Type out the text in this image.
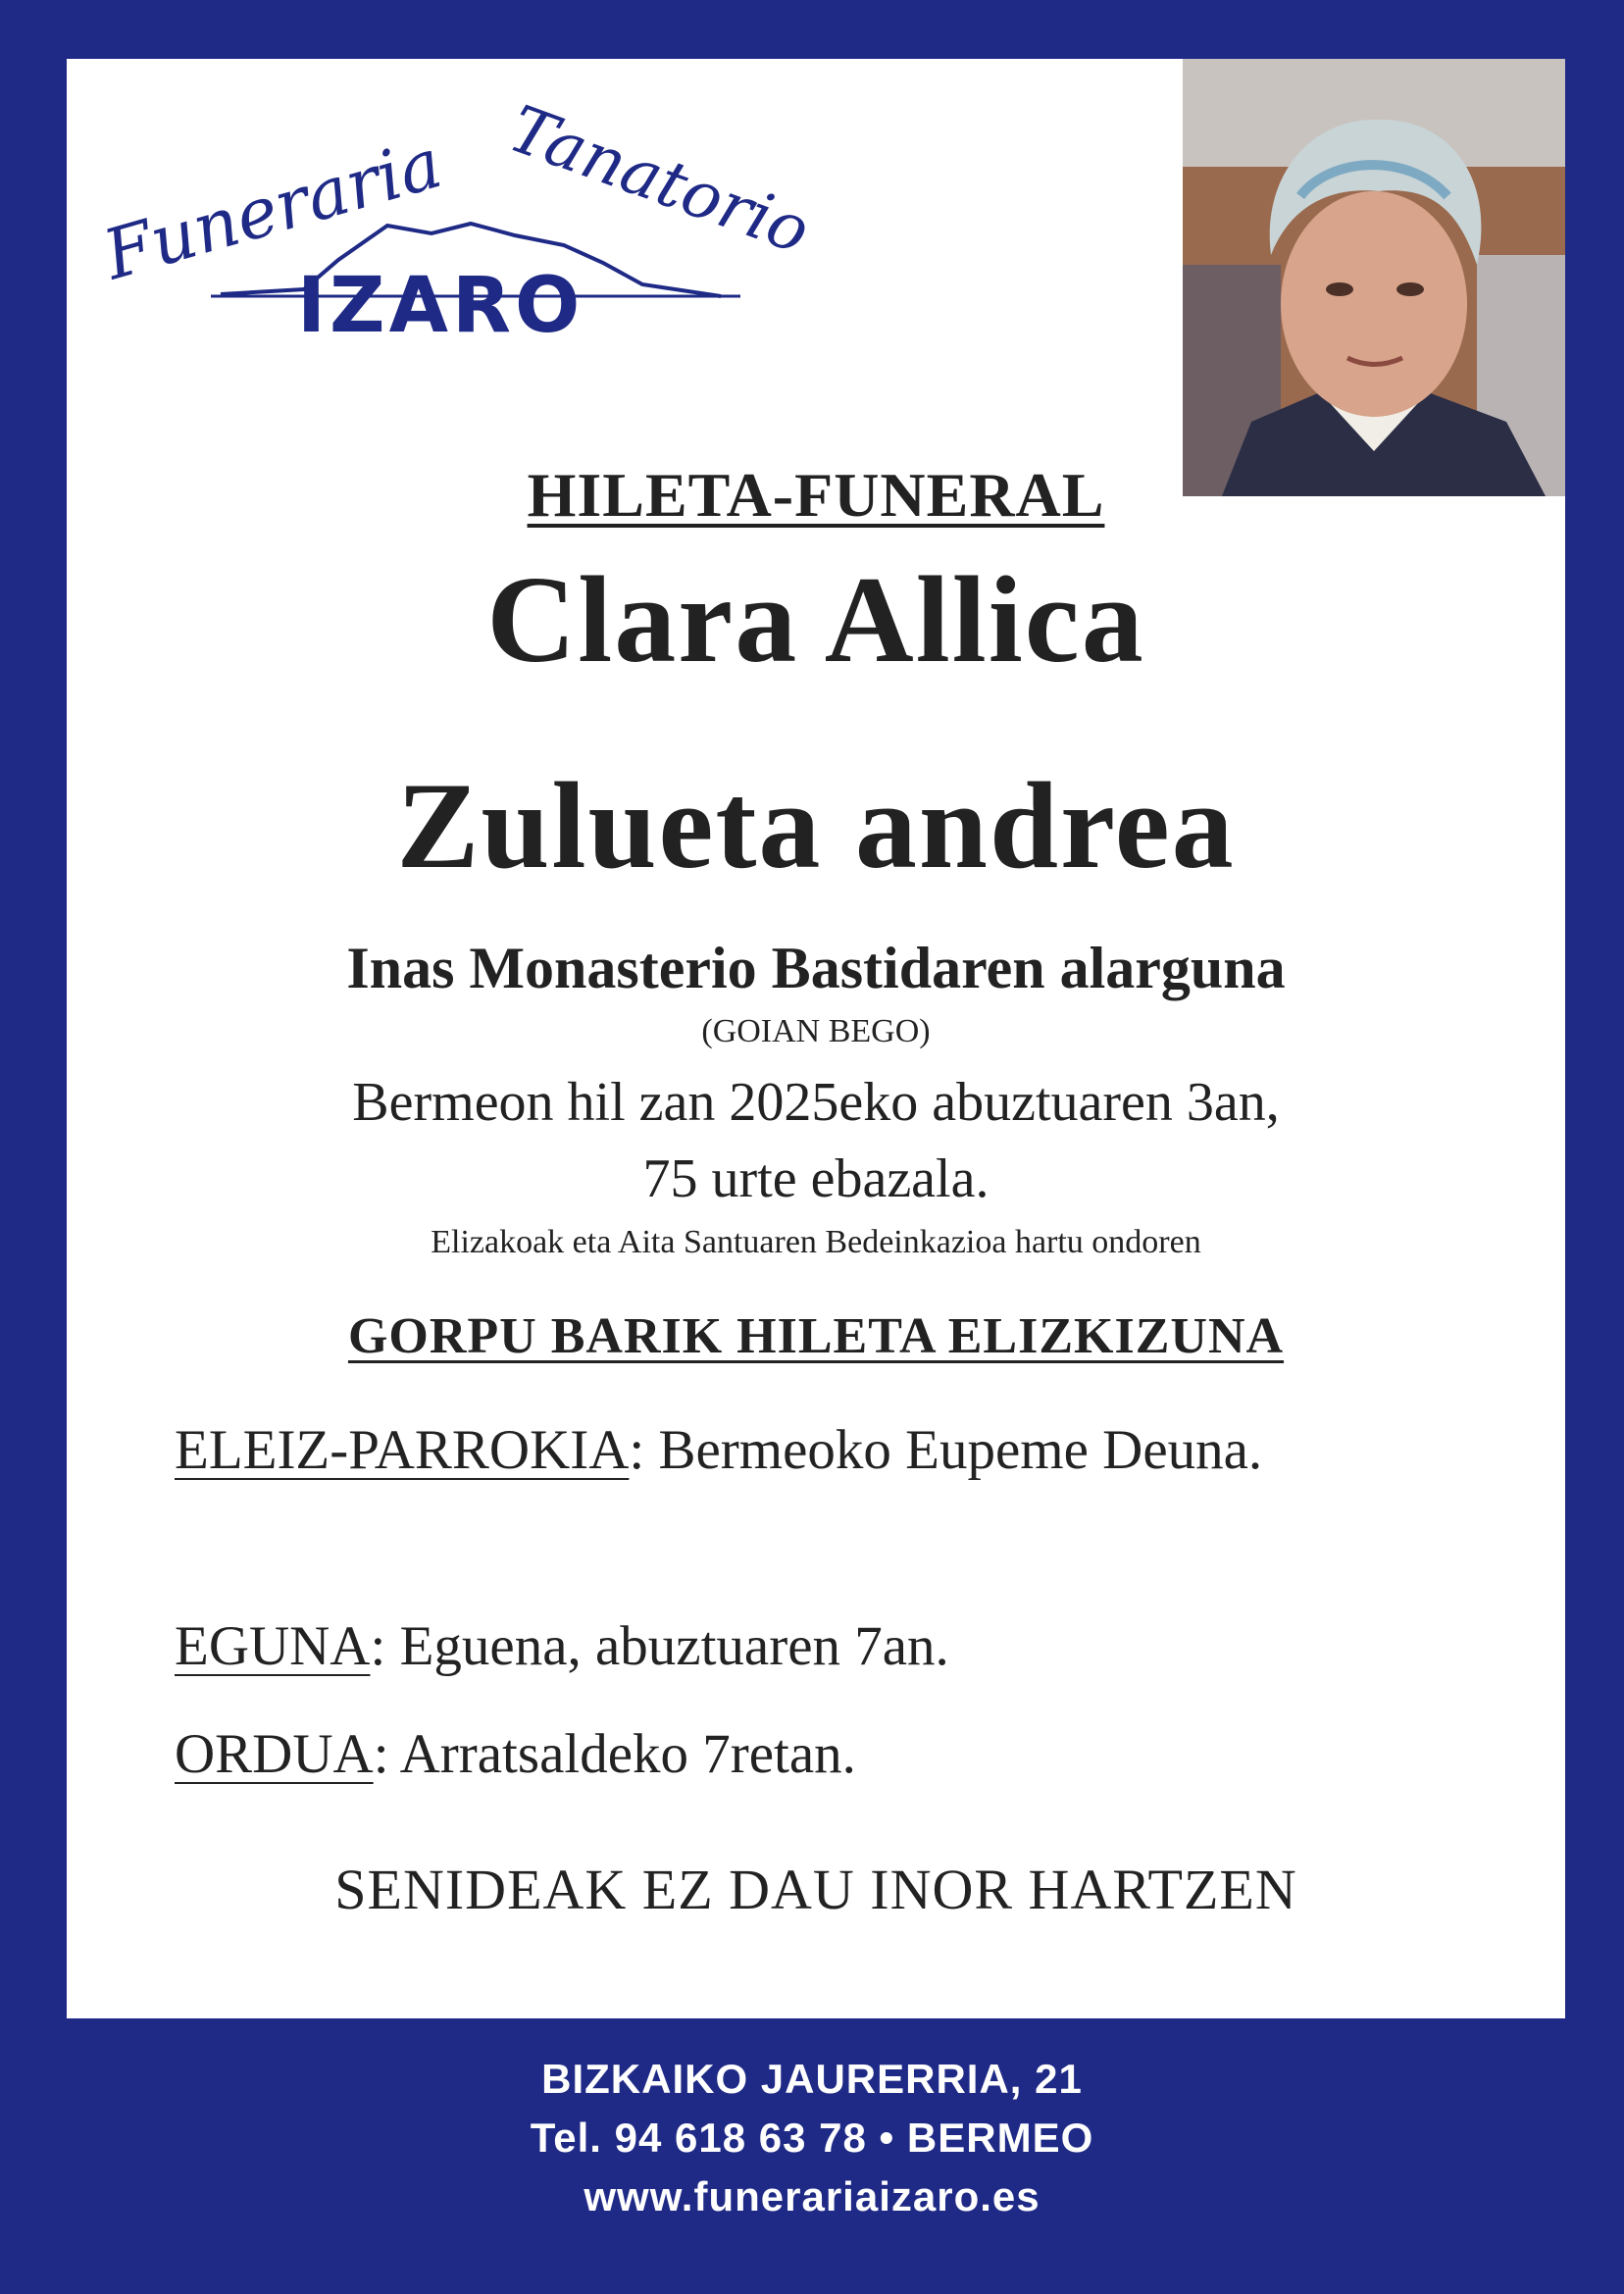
Funeraria Tanatorio
IZARO
HILETA-FUNERAL
Clara Allica
Zulueta andrea
Inas Monasterio Bastidaren alarguna
(GOIAN BEGO)
Bermeon hil zan 2025eko abuztuaren 3an,
75 urte ebazala.
Elizakoak eta Aita Santuaren Bedeinkazioa hartu ondoren
GORPU BARIK HILETA ELIZKIZUNA
ELEIZ-PARROKIA: Bermeoko Eupeme Deuna.
EGUNA: Eguena, abuztuaren 7an.
ORDUA: Arratsaldeko 7retan.
SENIDEAK EZ DAU INOR HARTZEN
BIZKAIKO JAURERRIA, 21
Tel. 94 618 63 78 • BERMEO
www.funerariaizaro.es
